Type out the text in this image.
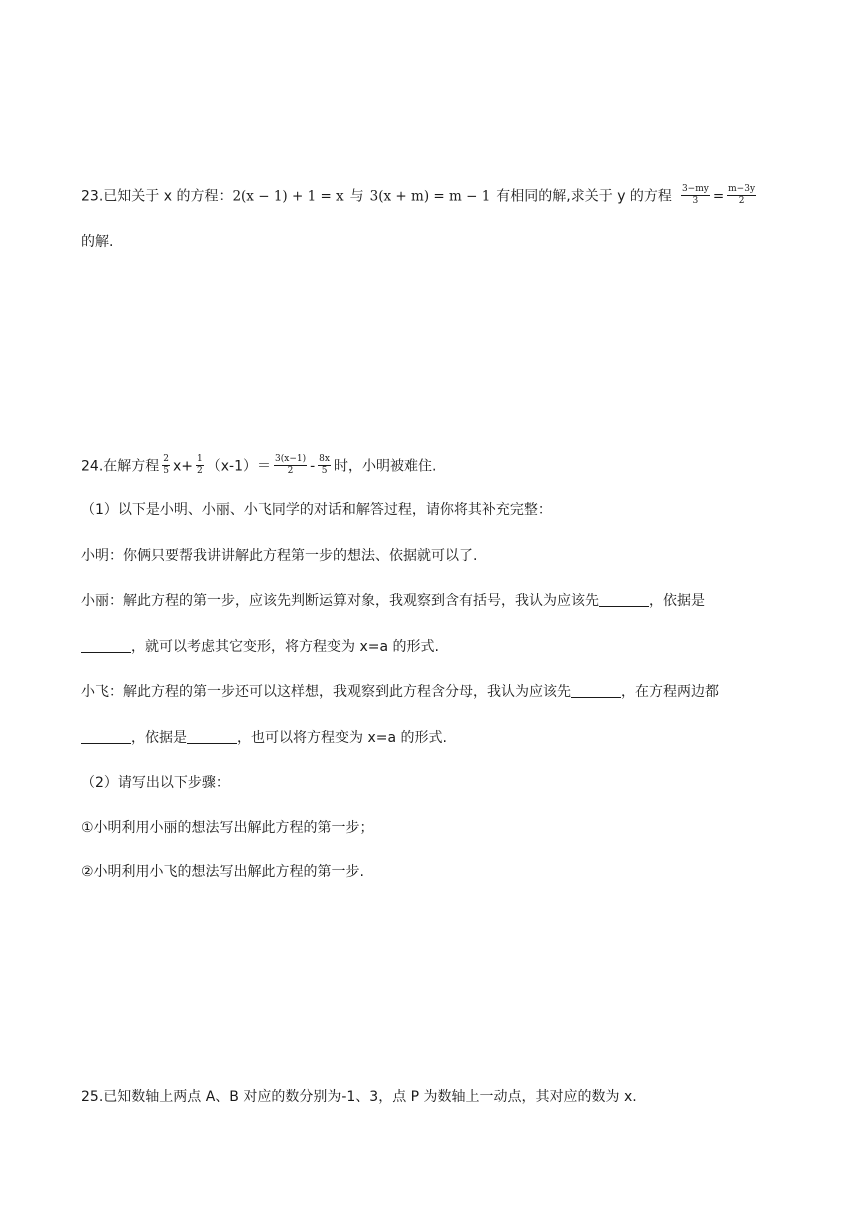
23.已知关于 x 的方程：2(x − 1) + 1 = x 与 3(x + m) = m − 1 有相同的解,求关于 y 的方程 $\frac{3-my}{3} = \frac{m-3y}{2}$
的解.
24.在解方程 $\frac{2}{5} x+ \frac{1}{2} (x-1)= \frac{3(x-1)}{2} - \frac{8x}{5}$ 时，小明被难住.
（1）以下是小明、小丽、小飞同学的对话和解答过程，请你将其补充完整：
小明：你俩只要帮我讲讲解此方程第一步的想法、依据就可以了.
小丽：解此方程的第一步，应该先判断运算对象，我观察到含有括号，我认为应该先	，依据是
，就可以考虑其它变形，将方程变为 x=a 的形式.
小飞：解此方程的第一步还可以这样想，我观察到此方程含分母，我认为应该先	，在方程两边都
，依据是	，也可以将方程变为 x=a 的形式.
（2）请写出以下步骤：
①小明利用小丽的想法写出解此方程的第一步；
②小明利用小飞的想法写出解此方程的第一步.
25.已知数轴上两点 A、B 对应的数分别为-1、3，点 P 为数轴上一动点，其对应的数为 x.
